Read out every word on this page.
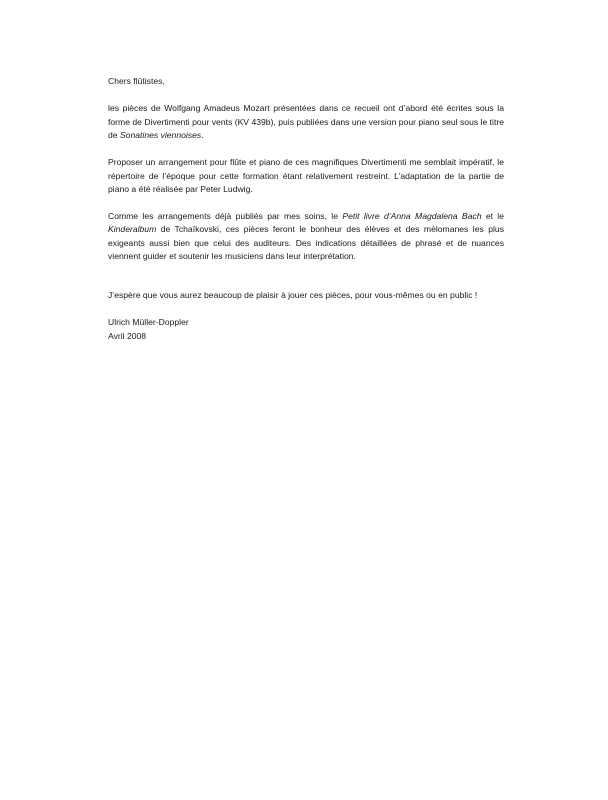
Chers flûtistes,

les pièces de Wolfgang Amadeus Mozart présentées dans ce recueil ont d’abord été écrites sous la forme de Divertimenti pour vents (KV 439b), puis publiées dans une version pour piano seul sous le titre de Sonatines viennoises.

Proposer un arrangement pour flûte et piano de ces magnifiques Divertimenti me semblait impératif, le répertoire de l’époque pour cette formation étant relativement restreint. L’adaptation de la partie de piano a été réalisée par Peter Ludwig.

Comme les arrangements déjà publiés par mes soins, le Petit livre d’Anna Magdalena Bach et le Kinderalbum de Tchaïkovski, ces pièces feront le bonheur des élèves et des mélomanes les plus exigeants aussi bien que celui des auditeurs. Des indications détaillées de phrasé et de nuances viennent guider et soutenir les musiciens dans leur interprétation.

J’espère que vous aurez beaucoup de plaisir à jouer ces pièces, pour vous-mêmes ou en public !

Ulrich Müller-Doppler

Avril 2008
